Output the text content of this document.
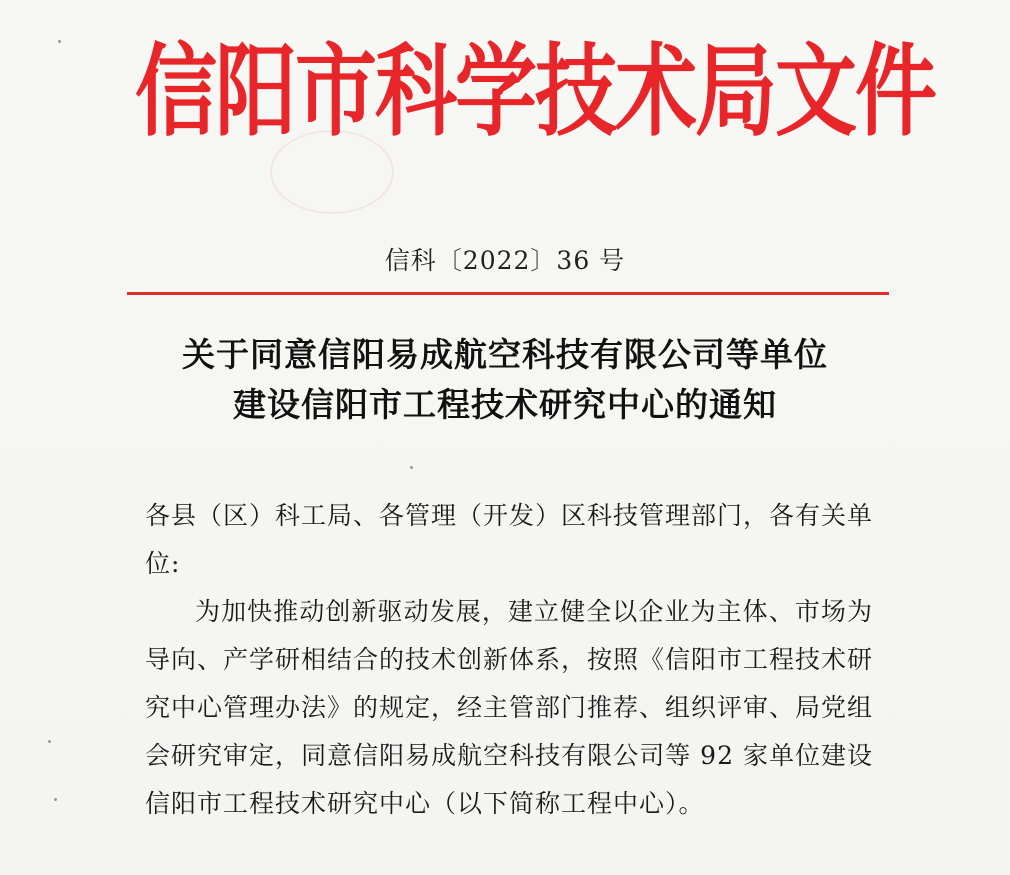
信阳市科学技术局文件
信科〔2022〕36 号
关于同意信阳易成航空科技有限公司等单位
建设信阳市工程技术研究中心的通知

各县（区）科工局、各管理（开发）区科技管理部门，各有关单位:

为加快推动创新驱动发展，建立健全以企业为主体、市场为导向、产学研相结合的技术创新体系，按照《信阳市工程技术研究中心管理办法》的规定，经主管部门推荐、组织评审、局党组会研究审定，同意信阳易成航空科技有限公司等 92 家单位建设信阳市工程技术研究中心（以下简称工程中心）。
